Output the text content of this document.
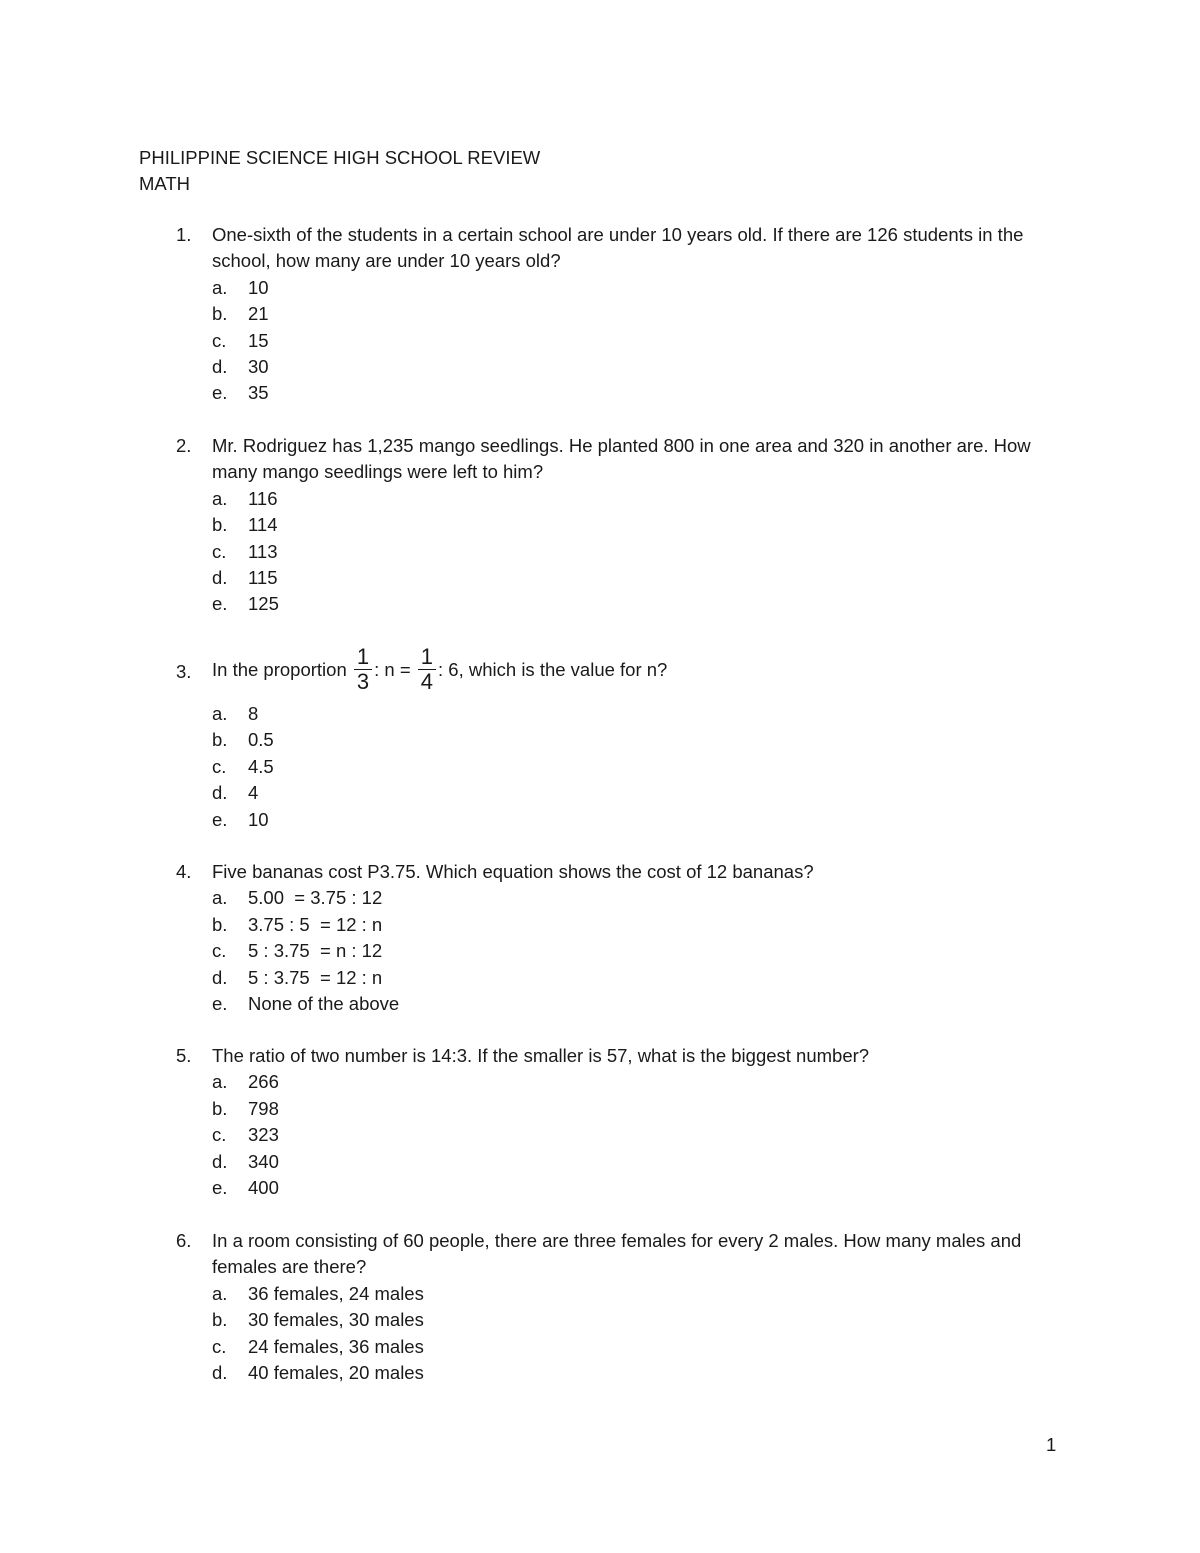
PHILIPPINE SCIENCE HIGH SCHOOL REVIEW
MATH
1. One-sixth of the students in a certain school are under 10 years old. If there are 126 students in the school, how many are under 10 years old?
a. 10
b. 21
c. 15
d. 30
e. 35
2. Mr. Rodriguez has 1,235 mango seedlings. He planted 800 in one area and 320 in another are. How many mango seedlings were left to him?
a. 116
b. 114
c. 113
d. 115
e. 125
3. In the proportion $\frac{1}{3}$ : $n = \frac{1}{4}$ : 6, which is the value for n?
a. 8
b. 0.5
c. 4.5
d. 4
e. 10
4. Five bananas cost P3.75. Which equation shows the cost of 12 bananas?
a. 5.00  = 3.75 : 12
b. 3.75 : 5  = 12 : n
c. 5 : 3.75  = n : 12
d. 5 : 3.75  = 12 : n
e. None of the above
5. The ratio of two number is 14:3. If the smaller is 57, what is the biggest number?
a. 266
b. 798
c. 323
d. 340
e. 400
6. In a room consisting of 60 people, there are three females for every 2 males. How many males and females are there?
a. 36 females, 24 males
b. 30 females, 30 males
c. 24 females, 36 males
d. 40 females, 20 males
1
